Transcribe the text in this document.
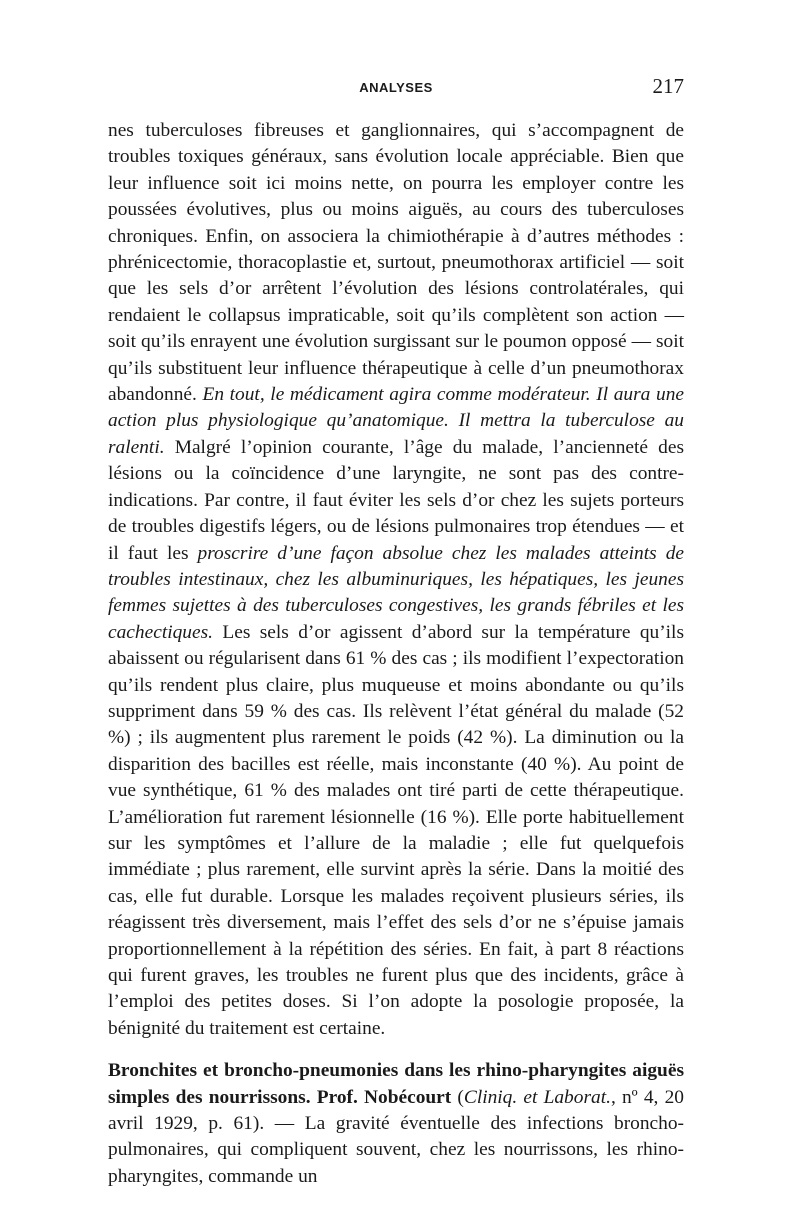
ANALYSES	217

nes tuberculoses fibreuses et ganglionnaires, qui s’accompagnent de troubles toxiques généraux, sans évolution locale appréciable. Bien que leur influence soit ici moins nette, on pourra les employer contre les poussées évolutives, plus ou moins aiguës, au cours des tuberculoses chroniques. Enfin, on associera la chimiothérapie à d’autres méthodes : phrénicectomie, thoracoplastie et, surtout, pneumothorax artificiel — soit que les sels d’or arrêtent l’évolution des lésions controlatérales, qui rendaient le collapsus impraticable, soit qu’ils complètent son action — soit qu’ils enrayent une évolution surgissant sur le poumon opposé — soit qu’ils substituent leur influence thérapeutique à celle d’un pneumothorax abandonné. En tout, le médicament agira comme modérateur. Il aura une action plus physiologique qu’anatomique. Il mettra la tuberculose au ralenti. Malgré l’opinion courante, l’âge du malade, l’ancienneté des lésions ou la coïncidence d’une laryngite, ne sont pas des contre-indications. Par contre, il faut éviter les sels d’or chez les sujets porteurs de troubles digestifs légers, ou de lésions pulmonaires trop étendues — et il faut les proscrire d’une façon absolue chez les malades atteints de troubles intestinaux, chez les albuminuriques, les hépatiques, les jeunes femmes sujettes à des tuberculoses congestives, les grands fébriles et les cachectiques. Les sels d’or agissent d’abord sur la température qu’ils abaissent ou régularisent dans 61 % des cas ; ils modifient l’expectoration qu’ils rendent plus claire, plus muqueuse et moins abondante ou qu’ils suppriment dans 59 % des cas. Ils relèvent l’état général du malade (52 %) ; ils augmentent plus rarement le poids (42 %). La diminution ou la disparition des bacilles est réelle, mais inconstante (40 %). Au point de vue synthétique, 61 % des malades ont tiré parti de cette thérapeutique. L’amélioration fut rarement lésionnelle (16 %). Elle porte habituellement sur les symptômes et l’allure de la maladie ; elle fut quelquefois immédiate ; plus rarement, elle survint après la série. Dans la moitié des cas, elle fut durable. Lorsque les malades reçoivent plusieurs séries, ils réagissent très diversement, mais l’effet des sels d’or ne s’épuise jamais proportionnellement à la répétition des séries. En fait, à part 8 réactions qui furent graves, les troubles ne furent plus que des incidents, grâce à l’emploi des petites doses. Si l’on adopte la posologie proposée, la bénignité du traitement est certaine.

Bronchites et broncho-pneumonies dans les rhino-pharyngites aiguës simples des nourrissons. Prof. Nobécourt (Cliniq. et Laborat., nº 4, 20 avril 1929, p. 61). — La gravité éventuelle des infections broncho-pulmonaires, qui compliquent souvent, chez les nourrissons, les rhino-pharyngites, commande un
